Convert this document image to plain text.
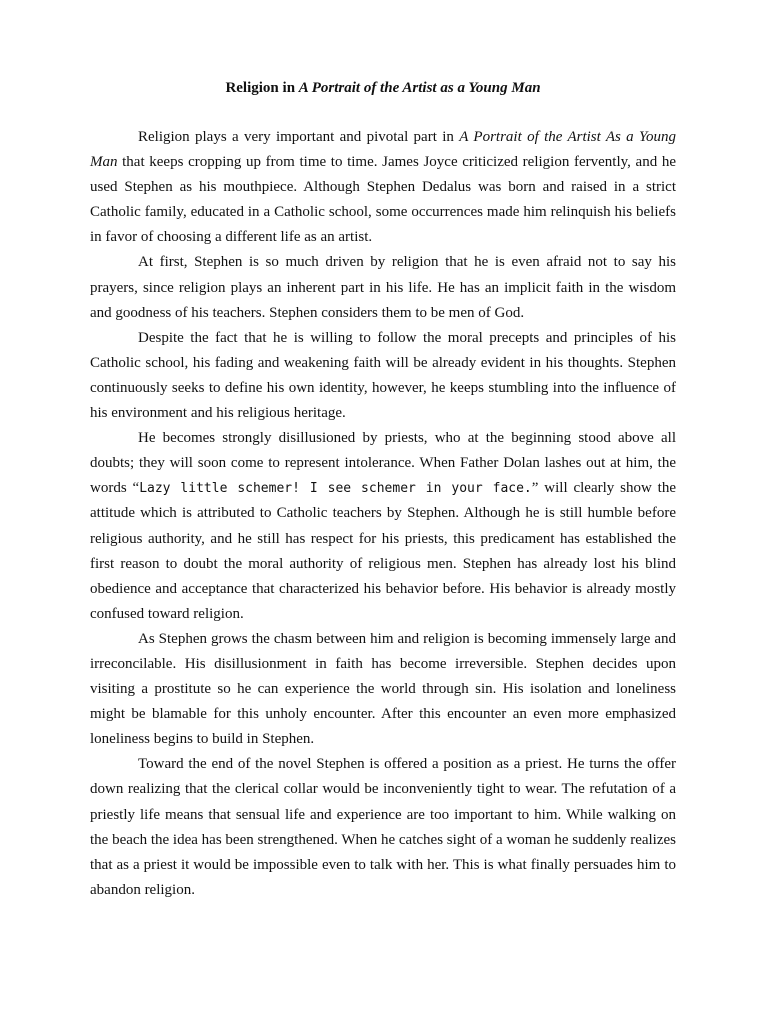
Religion in A Portrait of the Artist as a Young Man

Religion plays a very important and pivotal part in A Portrait of the Artist As a Young Man that keeps cropping up from time to time. James Joyce criticized religion fervently, and he used Stephen as his mouthpiece. Although Stephen Dedalus was born and raised in a strict Catholic family, educated in a Catholic school, some occurrences made him relinquish his beliefs in favor of choosing a different life as an artist.

At first, Stephen is so much driven by religion that he is even afraid not to say his prayers, since religion plays an inherent part in his life. He has an implicit faith in the wisdom and goodness of his teachers. Stephen considers them to be men of God.

Despite the fact that he is willing to follow the moral precepts and principles of his Catholic school, his fading and weakening faith will be already evident in his thoughts. Stephen continuously seeks to define his own identity, however, he keeps stumbling into the influence of his environment and his religious heritage.

He becomes strongly disillusioned by priests, who at the beginning stood above all doubts; they will soon come to represent intolerance. When Father Dolan lashes out at him, the words “Lazy little schemer! I see schemer in your face.” will clearly show the attitude which is attributed to Catholic teachers by Stephen. Although he is still humble before religious authority, and he still has respect for his priests, this predicament has established the first reason to doubt the moral authority of religious men. Stephen has already lost his blind obedience and acceptance that characterized his behavior before. His behavior is already mostly confused toward religion.

As Stephen grows the chasm between him and religion is becoming immensely large and irreconcilable. His disillusionment in faith has become irreversible. Stephen decides upon visiting a prostitute so he can experience the world through sin. His isolation and loneliness might be blamable for this unholy encounter. After this encounter an even more emphasized loneliness begins to build in Stephen.

Toward the end of the novel Stephen is offered a position as a priest. He turns the offer down realizing that the clerical collar would be inconveniently tight to wear. The refutation of a priestly life means that sensual life and experience are too important to him. While walking on the beach the idea has been strengthened. When he catches sight of a woman he suddenly realizes that as a priest it would be impossible even to talk with her. This is what finally persuades him to abandon religion.
